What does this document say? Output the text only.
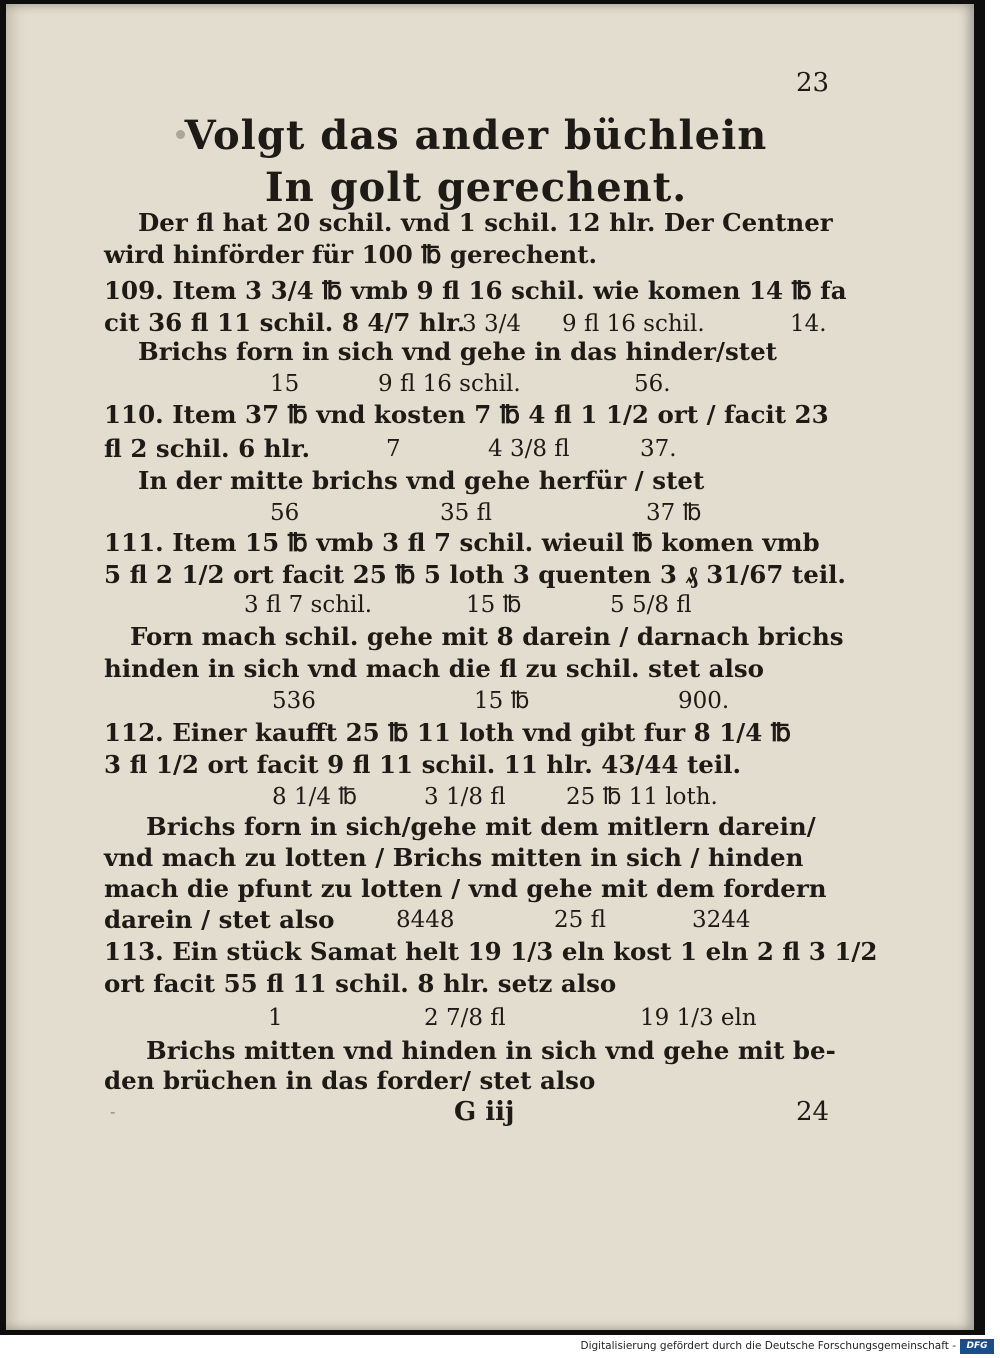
23
Volgt das ander büchlein
In golt gerechent.
Der fl hat 20 schil. vnd 1 schil. 12 hlr. Der Centner
wird hinförder für 100 ℔ gerechent.
109. Item 3 3/4 ℔ vmb 9 fl 16 schil. wie komen 14 ℔ fa
cit 36 fl 11 schil. 8 4/7 hlr.
Brichs forn in sich vnd gehe in das hinder/stet
110. Item 37 ℔ vnd kosten 7 ℔ 4 fl 1 1/2 ort / facit 23
fl 2 schil. 6 hlr.
In der mitte brichs vnd gehe herfür / stet
111. Item 15 ℔ vmb 3 fl 7 schil. wieuil ℔ komen vmb
5 fl 2 1/2 ort facit 25 ℔ 5 loth 3 quenten 3 ₰ 31/67 teil.
Forn mach schil. gehe mit 8 darein / darnach brichs
hinden in sich vnd mach die fl zu schil. stet also
112. Einer kaufft 25 ℔ 11 loth vnd gibt fur 8 1/4 ℔
3 fl 1/2 ort facit 9 fl 11 schil. 11 hlr. 43/44 teil.
Brichs forn in sich/gehe mit dem mitlern darein/
vnd mach zu lotten / Brichs mitten in sich / hinden
mach die pfunt zu lotten / vnd gehe mit dem fordern
darein / stet also
113. Ein stück Samat helt 19 1/3 eln kost 1 eln 2 fl 3 1/2
ort facit 55 fl 11 schil. 8 hlr. setz also
Brichs mitten vnd hinden in sich vnd gehe mit be-
den brüchen in das forder/ stet also
3 3/4 9 fl 16 schil.	14.
15	9 fl 16 schil.	56.
7	4 3/8 fl	37.
56	35 fl	37 ℔
3 fl 7 schil.	15 ℔	5 5/8 fl
536	15 ℔	900.
8 1/4 ℔	3 1/8 fl	25 ℔ 11 loth.
8448	25 fl	3244
1	2 7/8 fl	19 1/3 eln
-	G iij	24
Digitalisierung gefördert durch die Deutsche Forschungsgemeinschaft -	DFG
